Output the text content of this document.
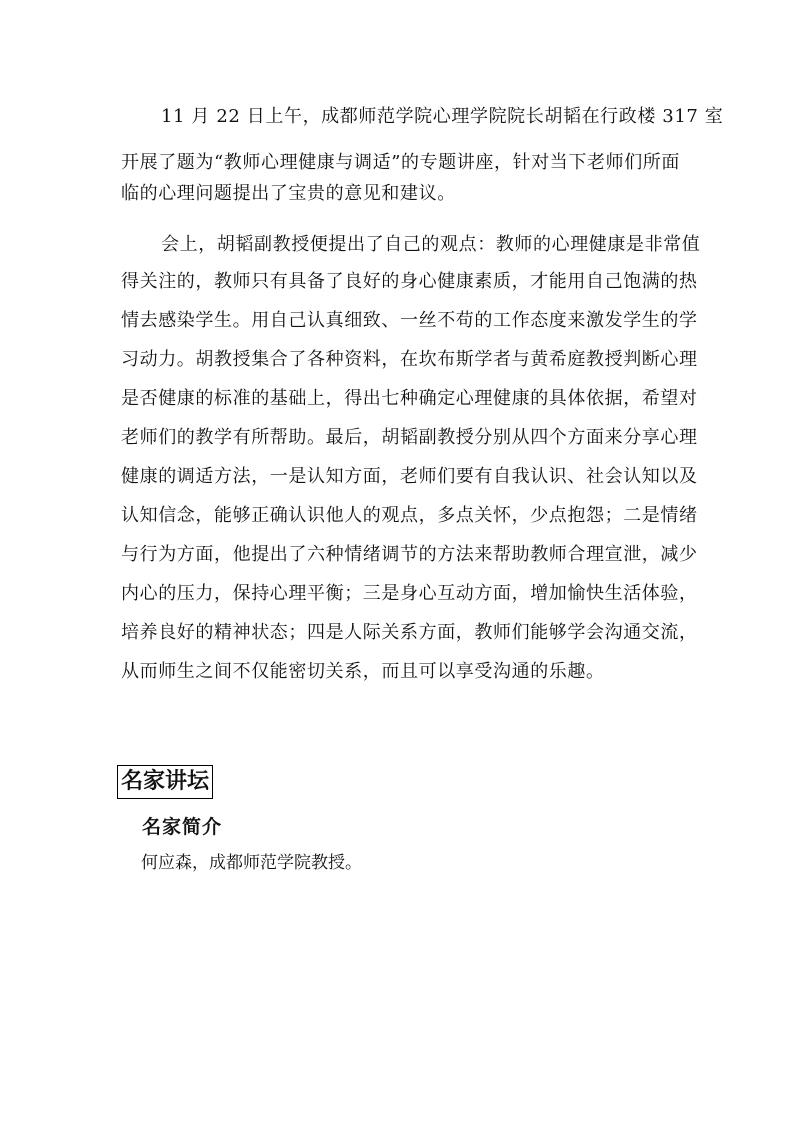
11 月 22 日上午，成都师范学院心理学院院长胡韬在行政楼 317 室
开展了题为“教师心理健康与调适”的专题讲座，针对当下老师们所面
临的心理问题提出了宝贵的意见和建议。
会上，胡韬副教授便提出了自己的观点：教师的心理健康是非常值
得关注的，教师只有具备了良好的身心健康素质，才能用自己饱满的热
情去感染学生。用自己认真细致、一丝不苟的工作态度来激发学生的学
习动力。胡教授集合了各种资料，在坎布斯学者与黄希庭教授判断心理
是否健康的标准的基础上，得出七种确定心理健康的具体依据，希望对
老师们的教学有所帮助。最后，胡韬副教授分别从四个方面来分享心理
健康的调适方法，一是认知方面，老师们要有自我认识、社会认知以及
认知信念，能够正确认识他人的观点，多点关怀，少点抱怨；二是情绪
与行为方面，他提出了六种情绪调节的方法来帮助教师合理宣泄，减少
内心的压力，保持心理平衡；三是身心互动方面，增加愉快生活体验，
培养良好的精神状态；四是人际关系方面，教师们能够学会沟通交流，
从而师生之间不仅能密切关系，而且可以享受沟通的乐趣。
名家讲坛
名家简介
何应森，成都师范学院教授。
